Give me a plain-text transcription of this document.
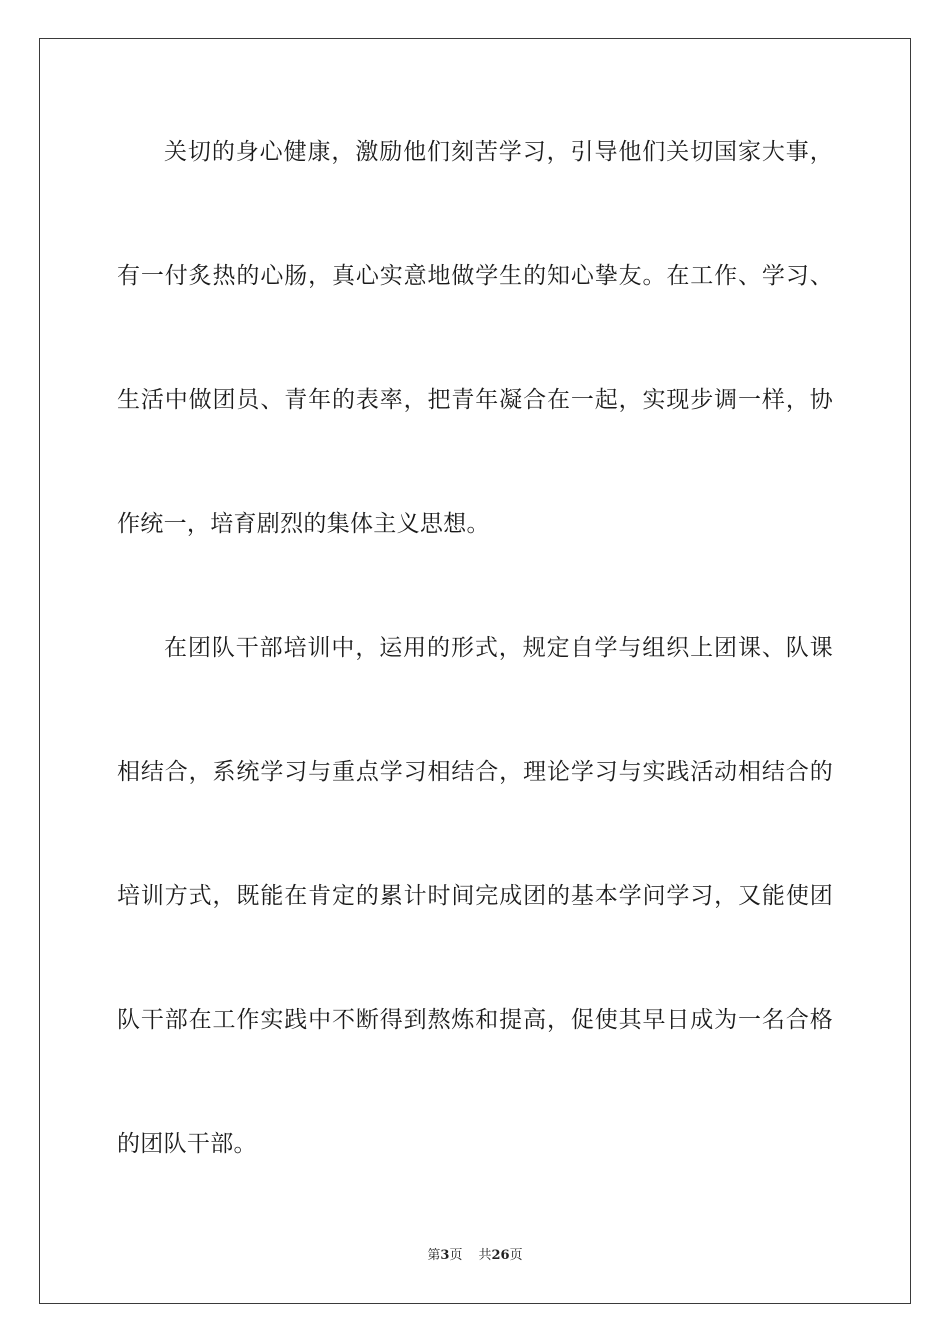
关切的身心健康，激励他们刻苦学习，引导他们关切国家大事，
有一付炙热的心肠，真心实意地做学生的知心挚友。在工作、学习、
生活中做团员、青年的表率，把青年凝合在一起，实现步调一样，协
作统一，培育剧烈的集体主义思想。
在团队干部培训中，运用的形式，规定自学与组织上团课、队课
相结合，系统学习与重点学习相结合，理论学习与实践活动相结合的
培训方式，既能在肯定的累计时间完成团的基本学问学习，又能使团
队干部在工作实践中不断得到熬炼和提高，促使其早日成为一名合格
的团队干部。
第3页 共26页
